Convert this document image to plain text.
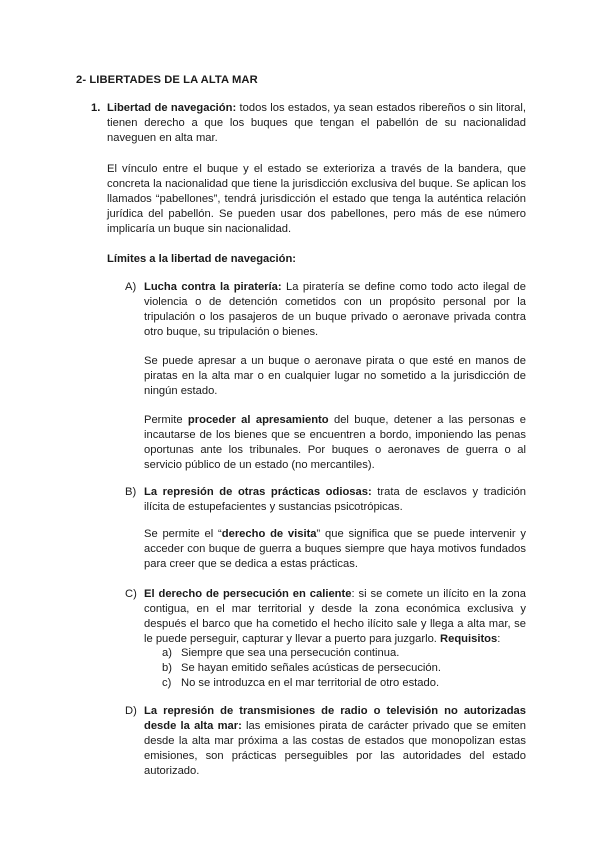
2- LIBERTADES DE LA ALTA MAR
1. Libertad de navegación: todos los estados, ya sean estados ribereños o sin litoral, tienen derecho a que los buques que tengan el pabellón de su nacionalidad naveguen en alta mar.

El vínculo entre el buque y el estado se exterioriza a través de la bandera, que concreta la nacionalidad que tiene la jurisdicción exclusiva del buque. Se aplican los llamados “pabellones”, tendrá jurisdicción el estado que tenga la auténtica relación jurídica del pabellón. Se pueden usar dos pabellones, pero más de ese número implicaría un buque sin nacionalidad.

Límites a la libertad de navegación:

A) Lucha contra la piratería: La piratería se define como todo acto ilegal de violencia o de detención cometidos con un propósito personal por la tripulación o los pasajeros de un buque privado o aeronave privada contra otro buque, su tripulación o bienes.

Se puede apresar a un buque o aeronave pirata o que esté en manos de piratas en la alta mar o en cualquier lugar no sometido a la jurisdicción de ningún estado.

Permite proceder al apresamiento del buque, detener a las personas e incautarse de los bienes que se encuentren a bordo, imponiendo las penas oportunas ante los tribunales. Por buques o aeronaves de guerra o al servicio público de un estado (no mercantiles).

B) La represión de otras prácticas odiosas: trata de esclavos y tradición ilícita de estupefacientes y sustancias psicotrópicas.

Se permite el “derecho de visita” que significa que se puede intervenir y acceder con buque de guerra a buques siempre que haya motivos fundados para creer que se dedica a estas prácticas.

C) El derecho de persecución en caliente: si se comete un ilícito en la zona contigua, en el mar territorial y desde la zona económica exclusiva y después el barco que ha cometido el hecho ilícito sale y llega a alta mar, se le puede perseguir, capturar y llevar a puerto para juzgarlo. Requisitos:

a) Siempre que sea una persecución continua.

b) Se hayan emitido señales acústicas de persecución.

c) No se introduzca en el mar territorial de otro estado.

D) La represión de transmisiones de radio o televisión no autorizadas desde la alta mar: las emisiones pirata de carácter privado que se emiten desde la alta mar próxima a las costas de estados que monopolizan estas emisiones, son prácticas perseguibles por las autoridades del estado autorizado.
